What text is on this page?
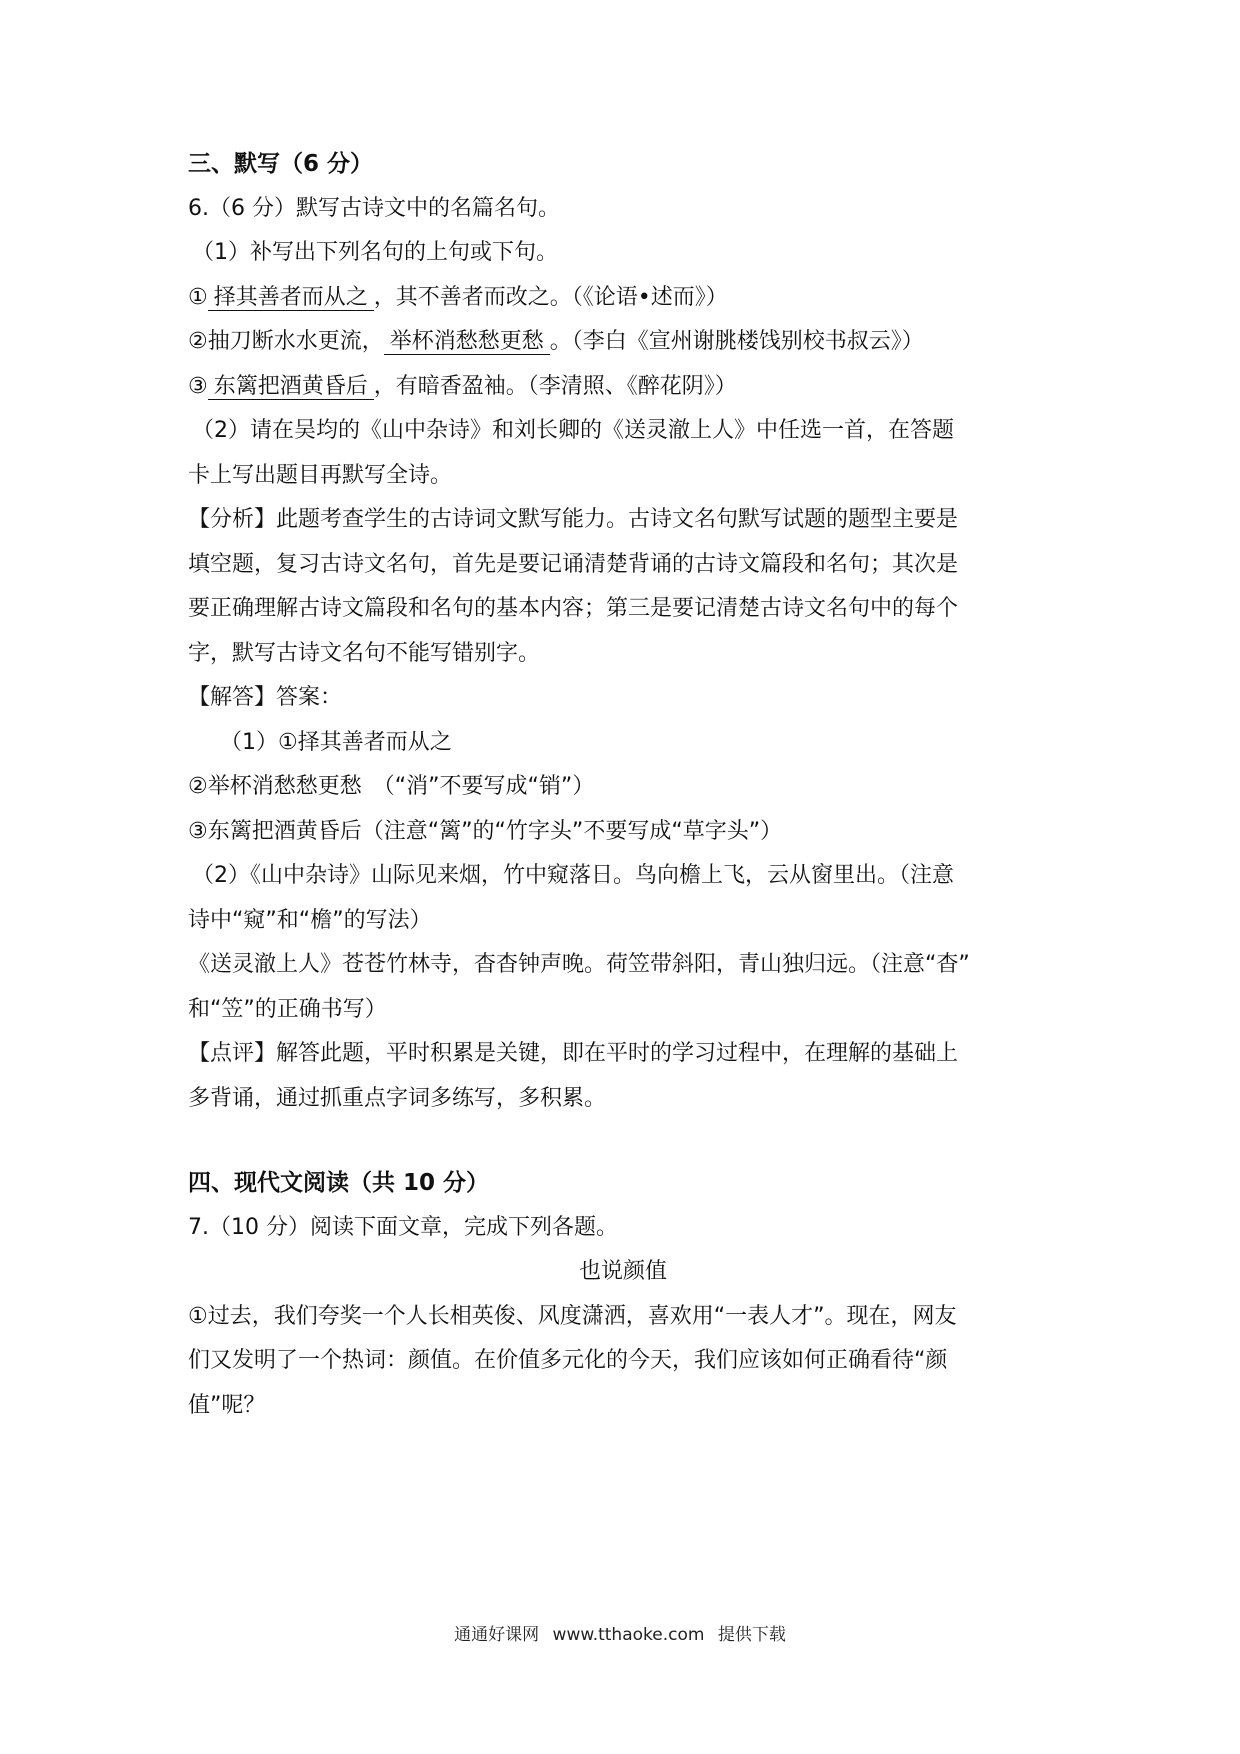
三、默写（6 分）
6.（6 分）默写古诗文中的名篇名句。
（1）补写出下列名句的上句或下句。
① 择其善者而从之 ，其不善者而改之。（《论语•述而》）
②抽刀断水水更流， 举杯消愁愁更愁 。（李白《宣州谢朓楼饯别校书叔云》）
③ 东篱把酒黄昏后 ，有暗香盈袖。（李清照、《醉花阴》）
（2）请在吴均的《山中杂诗》和刘长卿的《送灵澈上人》中任选一首，在答题
卡上写出题目再默写全诗。
【分析】此题考查学生的古诗词文默写能力。古诗文名句默写试题的题型主要是
填空题，复习古诗文名句，首先是要记诵清楚背诵的古诗文篇段和名句；其次是
要正确理解古诗文篇段和名句的基本内容；第三是要记清楚古诗文名句中的每个
字，默写古诗文名句不能写错别字。
【解答】答案：
（1）①择其善者而从之
②举杯消愁愁更愁　（“消”不要写成“销”）
③东篱把酒黄昏后（注意“篱”的“竹字头”不要写成“草字头”）
（2）《山中杂诗》山际见来烟，竹中窥落日。鸟向檐上飞，云从窗里出。（注意
诗中“窥”和“檐”的写法）
《送灵澈上人》苍苍竹林寺，杳杳钟声晚。荷笠带斜阳，青山独归远。（注意“杳”
和“笠”的正确书写）
【点评】解答此题，平时积累是关键，即在平时的学习过程中，在理解的基础上
多背诵，通过抓重点字词多练写，多积累。
四、现代文阅读（共 10 分）
7.（10 分）阅读下面文章，完成下列各题。
也说颜值
①过去，我们夸奖一个人长相英俊、风度潇洒，喜欢用“一表人才”。现在，网友
们又发明了一个热词：颜值。在价值多元化的今天，我们应该如何正确看待“颜
值”呢？
通通好课网 www.tthaoke.com 提供下载
